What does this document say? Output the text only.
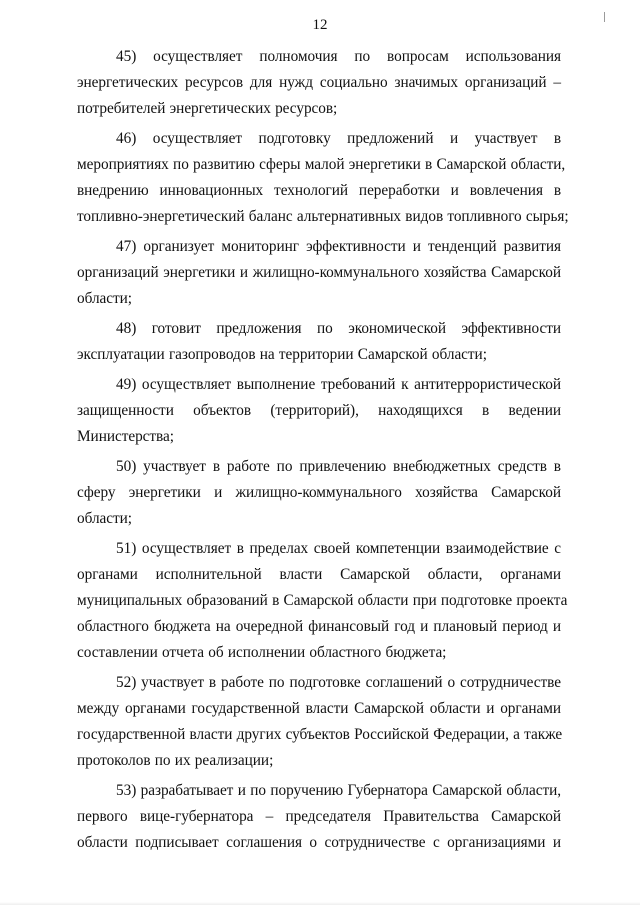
12

45) осуществляет полномочия по вопросам использования
энергетических ресурсов для нужд социально значимых организаций –
потребителей энергетических ресурсов;

46) осуществляет подготовку предложений и участвует в
мероприятиях по развитию сферы малой энергетики в Самарской области,
внедрению инновационных технологий переработки и вовлечения в
топливно-энергетический баланс альтернативных видов топливного сырья;

47) организует мониторинг эффективности и тенденций развития
организаций энергетики и жилищно-коммунального хозяйства Самарской
области;

48) готовит предложения по экономической эффективности
эксплуатации газопроводов на территории Самарской области;

49) осуществляет выполнение требований к антитеррористической
защищенности объектов (территорий), находящихся в ведении
Министерства;

50) участвует в работе по привлечению внебюджетных средств в
сферу энергетики и жилищно-коммунального хозяйства Самарской
области;

51) осуществляет в пределах своей компетенции взаимодействие с
органами исполнительной власти Самарской области, органами
муниципальных образований в Самарской области при подготовке проекта
областного бюджета на очередной финансовый год и плановый период и
составлении отчета об исполнении областного бюджета;

52) участвует в работе по подготовке соглашений о сотрудничестве
между органами государственной власти Самарской области и органами
государственной власти других субъектов Российской Федерации, а также
протоколов по их реализации;

53) разрабатывает и по поручению Губернатора Самарской области,
первого вице-губернатора – председателя Правительства Самарской
области подписывает соглашения о сотрудничестве с организациями и
